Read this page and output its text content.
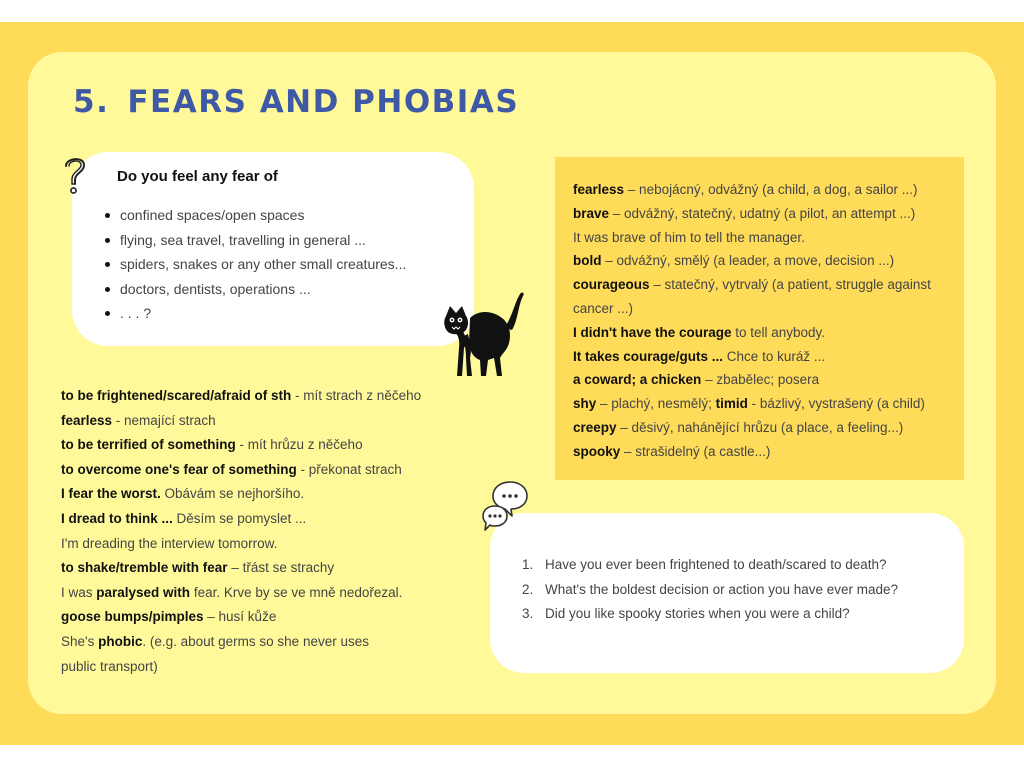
5. FEARS AND PHOBIAS

Do you feel any fear of

confined spaces/open spaces
flying, sea travel, travelling in general ...
spiders, snakes or any other small creatures...
doctors, dentists, operations ...
. . . ?
to be frightened/scared/afraid of sth - mít strach z něčeho
fearless - nemající strach
to be terrified of something - mít hrůzu z něčeho
to overcome one's fear of something - překonat strach
I fear the worst. Obávám se nejhoršího.
I dread to think ... Děsím se pomyslet ...
I'm dreading the interview tomorrow.
to shake/tremble with fear – třást se strachy
I was paralysed with fear. Krve by se ve mně nedořezal.
goose bumps/pimples – husí kůže
She's phobic. (e.g. about germs so she never uses
public transport)
fearless – nebojácný, odvážný (a child, a dog, a sailor ...)
brave – odvážný, statečný, udatný (a pilot, an attempt ...)
It was brave of him to tell the manager.
bold – odvážný, smělý (a leader, a move, decision ...)
courageous – statečný, vytrvalý (a patient, struggle against cancer ...)
I didn't have the courage to tell anybody.
It takes courage/guts ... Chce to kuráž ...
a coward; a chicken – zbabělec; posera
shy – plachý, nesmělý; timid - bázlivý, vystrašený (a child)
creepy – děsivý, nahánějící hrůzu (a place, a feeling...)
spooky – strašidelný (a castle...)
1. Have you ever been frightened to death/scared to death?
2. What's the boldest decision or action you have ever made?
3. Did you like spooky stories when you were a child?
